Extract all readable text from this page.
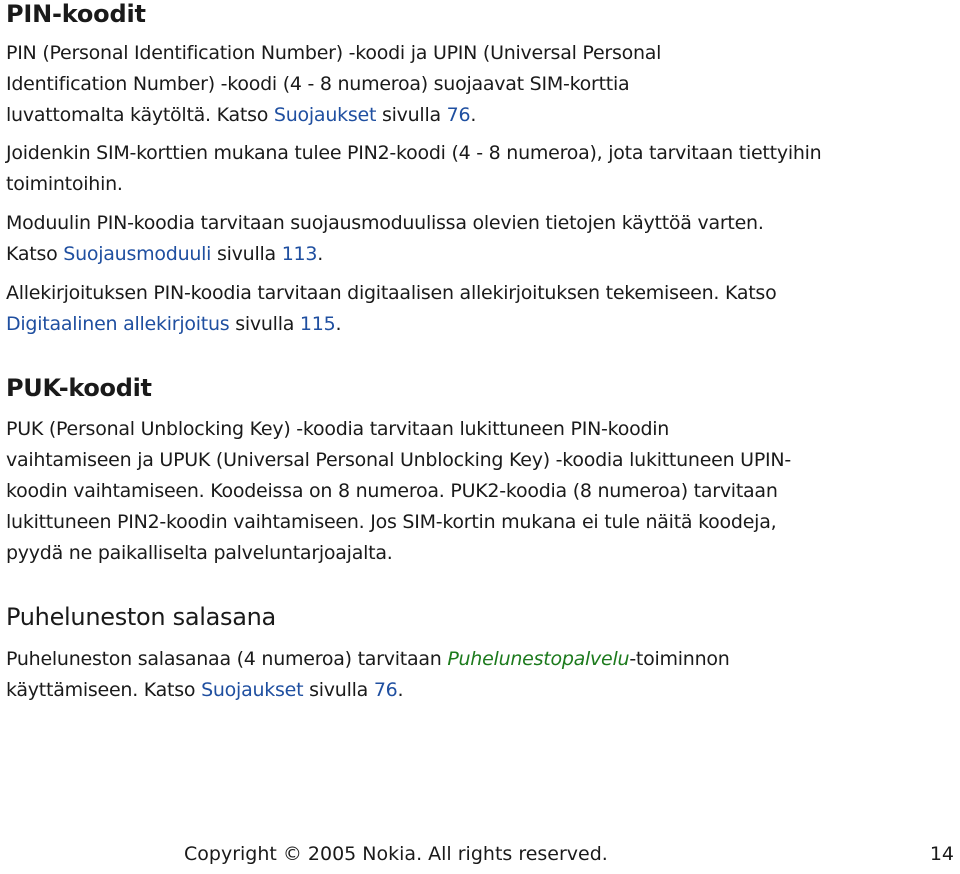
PIN-koodit

PIN (Personal Identification Number) -koodi ja UPIN (Universal Personal Identification Number) -koodi (4 - 8 numeroa) suojaavat SIM-korttia luvattomalta käytöltä. Katso Suojaukset sivulla 76.

Joidenkin SIM-korttien mukana tulee PIN2-koodi (4 - 8 numeroa), jota tarvitaan tiettyihin toimintoihin.

Moduulin PIN-koodia tarvitaan suojausmoduulissa olevien tietojen käyttöä varten. Katso Suojausmoduuli sivulla 113.

Allekirjoituksen PIN-koodia tarvitaan digitaalisen allekirjoituksen tekemiseen. Katso Digitaalinen allekirjoitus sivulla 115.

PUK-koodit

PUK (Personal Unblocking Key) -koodia tarvitaan lukittuneen PIN-koodin vaihtamiseen ja UPUK (Universal Personal Unblocking Key) -koodia lukittuneen UPIN-koodin vaihtamiseen. Koodeissa on 8 numeroa. PUK2-koodia (8 numeroa) tarvitaan lukittuneen PIN2-koodin vaihtamiseen. Jos SIM-kortin mukana ei tule näitä koodeja, pyydä ne paikalliselta palveluntarjoajalta.

Puheluneston salasana

Puheluneston salasanaa (4 numeroa) tarvitaan Puhelunestopalvelu-toiminnon käyttämiseen. Katso Suojaukset sivulla 76.

Copyright © 2005 Nokia. All rights reserved.	14
